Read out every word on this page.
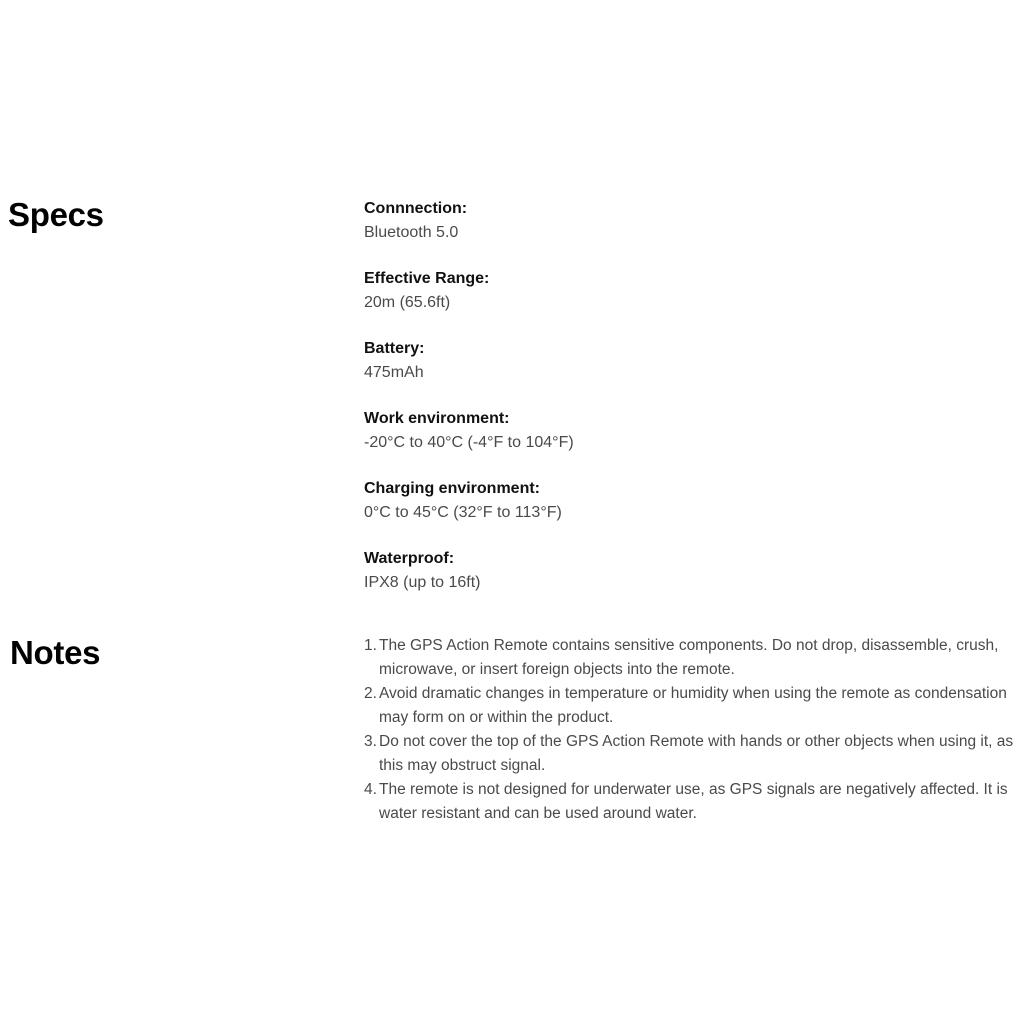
Specs	Connnection:
Bluetooth 5.0
Effective Range:
20m (65.6ft)
Battery:
475mAh
Work environment:
-20°C to 40°C (-4°F to 104°F)
Charging environment:
0°C to 45°C (32°F to 113°F)
Waterproof:
IPX8 (up to 16ft)
Notes	1. The GPS Action Remote contains sensitive components. Do not drop, disassemble, crush, microwave, or insert foreign objects into the remote.
2. Avoid dramatic changes in temperature or humidity when using the remote as condensation may form on or within the product.
3. Do not cover the top of the GPS Action Remote with hands or other objects when using it, as this may obstruct signal.
4. The remote is not designed for underwater use, as GPS signals are negatively affected. It is water resistant and can be used around water.
